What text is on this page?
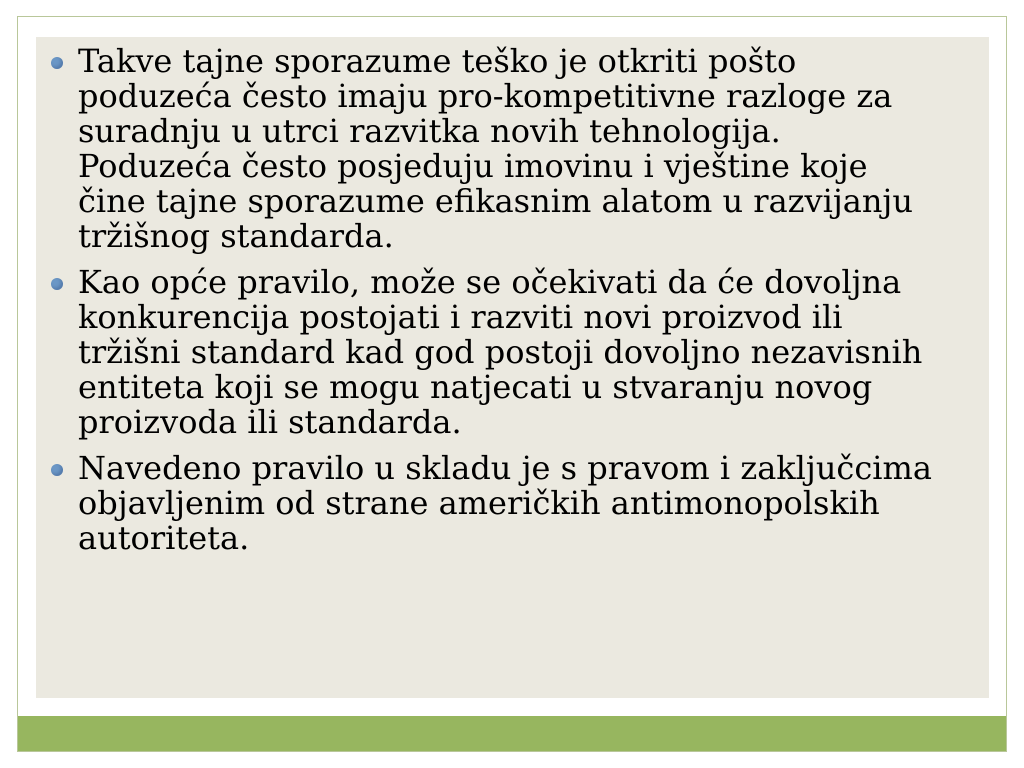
Takve tajne sporazume teško je otkriti pošto
poduzeća često imaju pro-kompetitivne razloge za
suradnju u utrci razvitka novih tehnologija.
Poduzeća često posjeduju imovinu i vještine koje
čine tajne sporazume efikasnim alatom u razvijanju
tržišnog standarda.
Kao opće pravilo, može se očekivati da će dovoljna
konkurencija postojati i razviti novi proizvod ili
tržišni standard kad god postoji dovoljno nezavisnih
entiteta koji se mogu natjecati u stvaranju novog
proizvoda ili standarda.
Navedeno pravilo u skladu je s pravom i zaključcima
objavljenim od strane američkih antimonopolskih
autoriteta.
